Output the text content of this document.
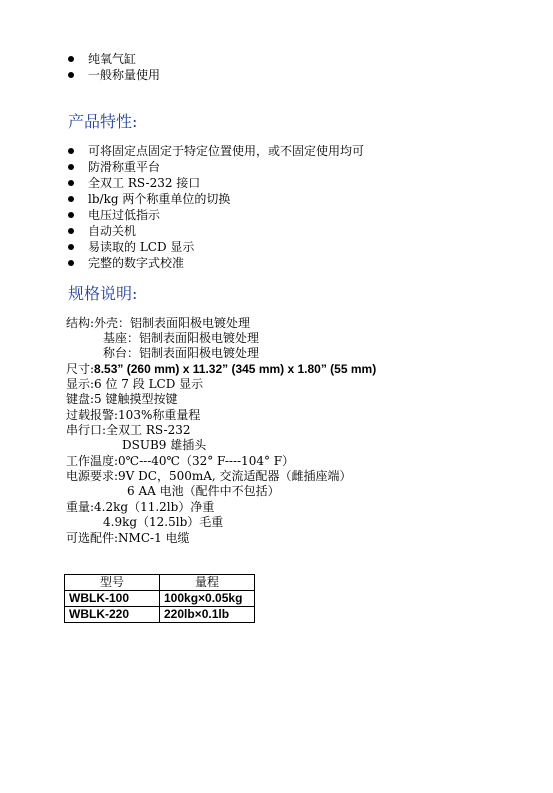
纯氧气缸
一般称量使用
产品特性:
可将固定点固定于特定位置使用，或不固定使用均可
防滑称重平台
全双工 RS-232 接口
lb/kg 两个称重单位的切换
电压过低指示
自动关机
易读取的 LCD 显示
完整的数字式校准
规格说明:
结构:外壳：铝制表面阳极电镀处理
基座：铝制表面阳极电镀处理
称台：铝制表面阳极电镀处理
尺寸:8.53” (260 mm) x 11.32” (345 mm) x 1.80” (55 mm)
显示:6 位 7 段 LCD 显示
键盘:5 键触摸型按键
过载报警:103%称重量程
串行口:全双工 RS-232
DSUB9 雄插头
工作温度:0℃---40℃（32° F----104° F）
电源要求:9V DC，500mA, 交流适配器（雌插座端）
6 AA 电池（配件中不包括）
重量:4.2kg（11.2lb）净重
4.9kg（12.5lb）毛重
可选配件:NMC-1 电缆
型号	量程
WBLK-100	100kg×0.05kg
WBLK-220	220lb×0.1lb
